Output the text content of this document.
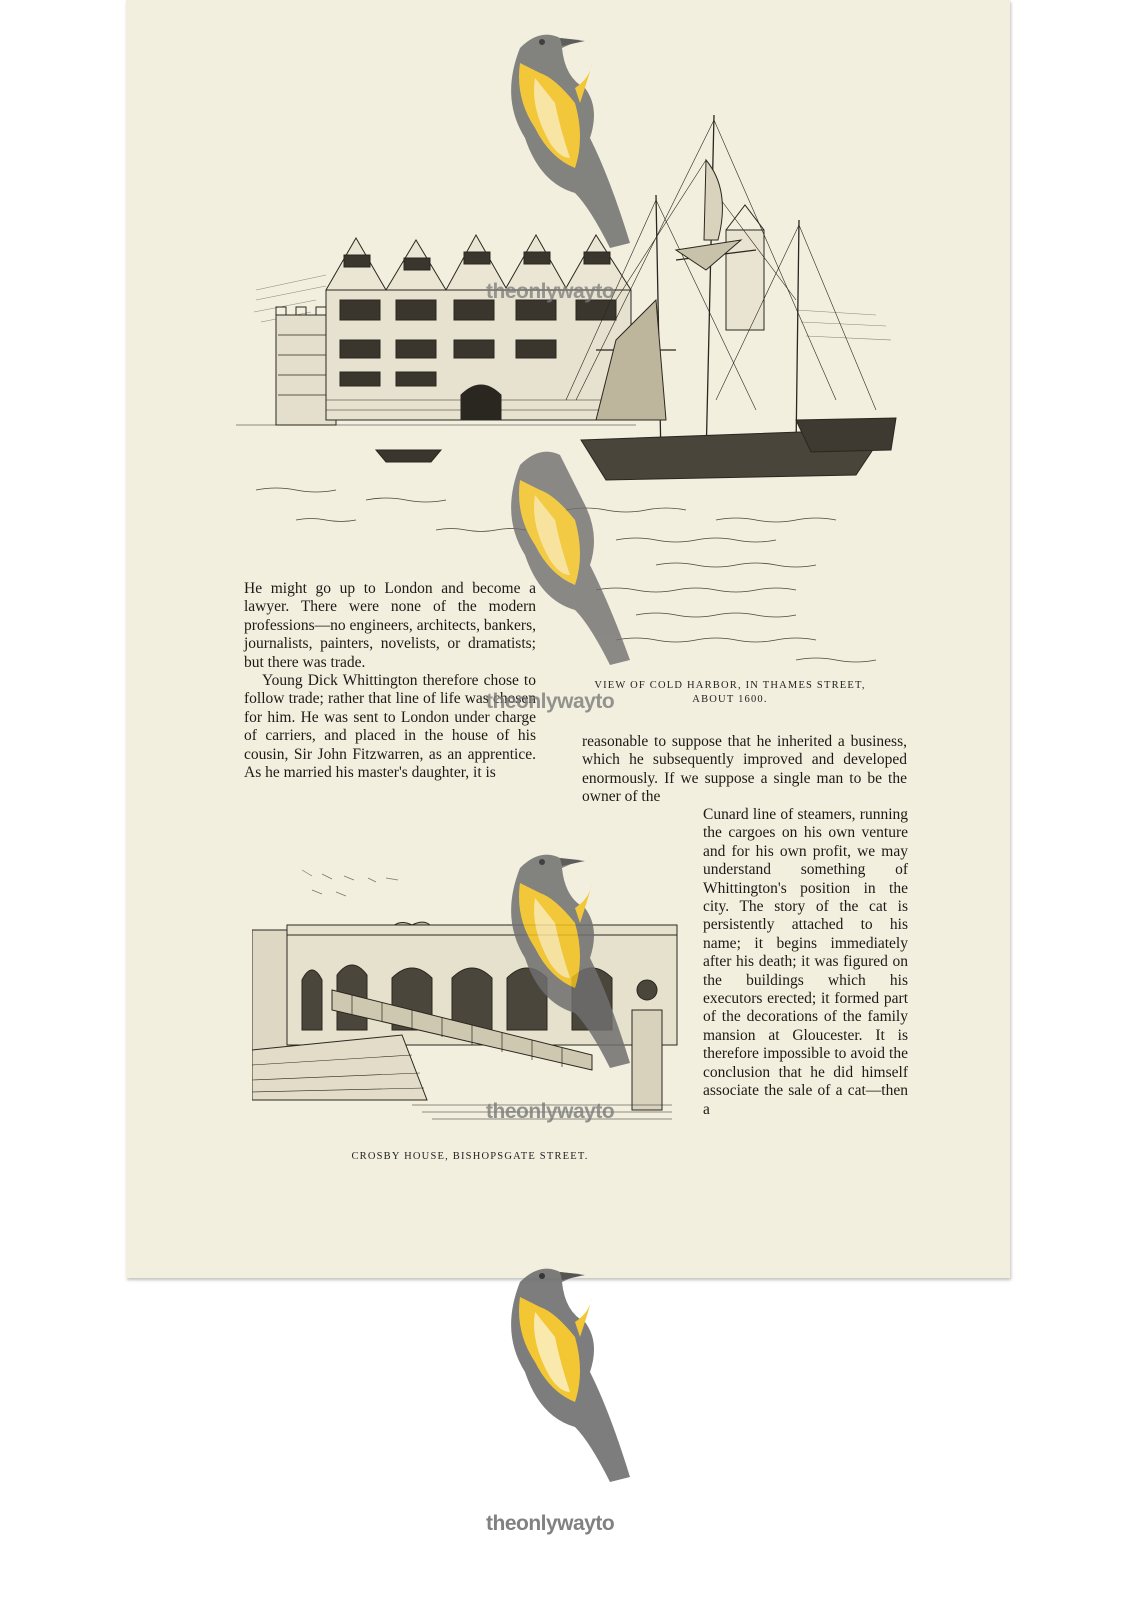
VIEW OF COLD HARBOR, IN THAMES STREET,
ABOUT 1600.
CROSBY HOUSE, BISHOPSGATE STREET.

He might go up to London and become a lawyer. There were none of the modern professions—no engineers, architects, bankers, journalists, painters, novelists, or dramatists; but there was trade.

Young Dick Whittington therefore chose to follow trade; rather that line of life was chosen for him. He was sent to London under charge of carriers, and placed in the house of his cousin, Sir John Fitzwarren, as an apprentice. As he married his master's daughter, it is

reasonable to suppose that he inherited a business, which he subsequently improved and developed enormously. If we suppose a single man to be the owner of the

Cunard line of steamers, running the cargoes on his own venture and for his own profit, we may understand something of Whittington's position in the city. The story of the cat is persistently attached to his name; it begins immediately after his death; it was figured on the buildings which his executors erected; it formed part of the decorations of the family mansion at Gloucester. It is therefore impossible to avoid the conclusion that he did himself associate the sale of a cat—then a

theonlywayto
theonlywayto
theonlywayto
theonlywayto
